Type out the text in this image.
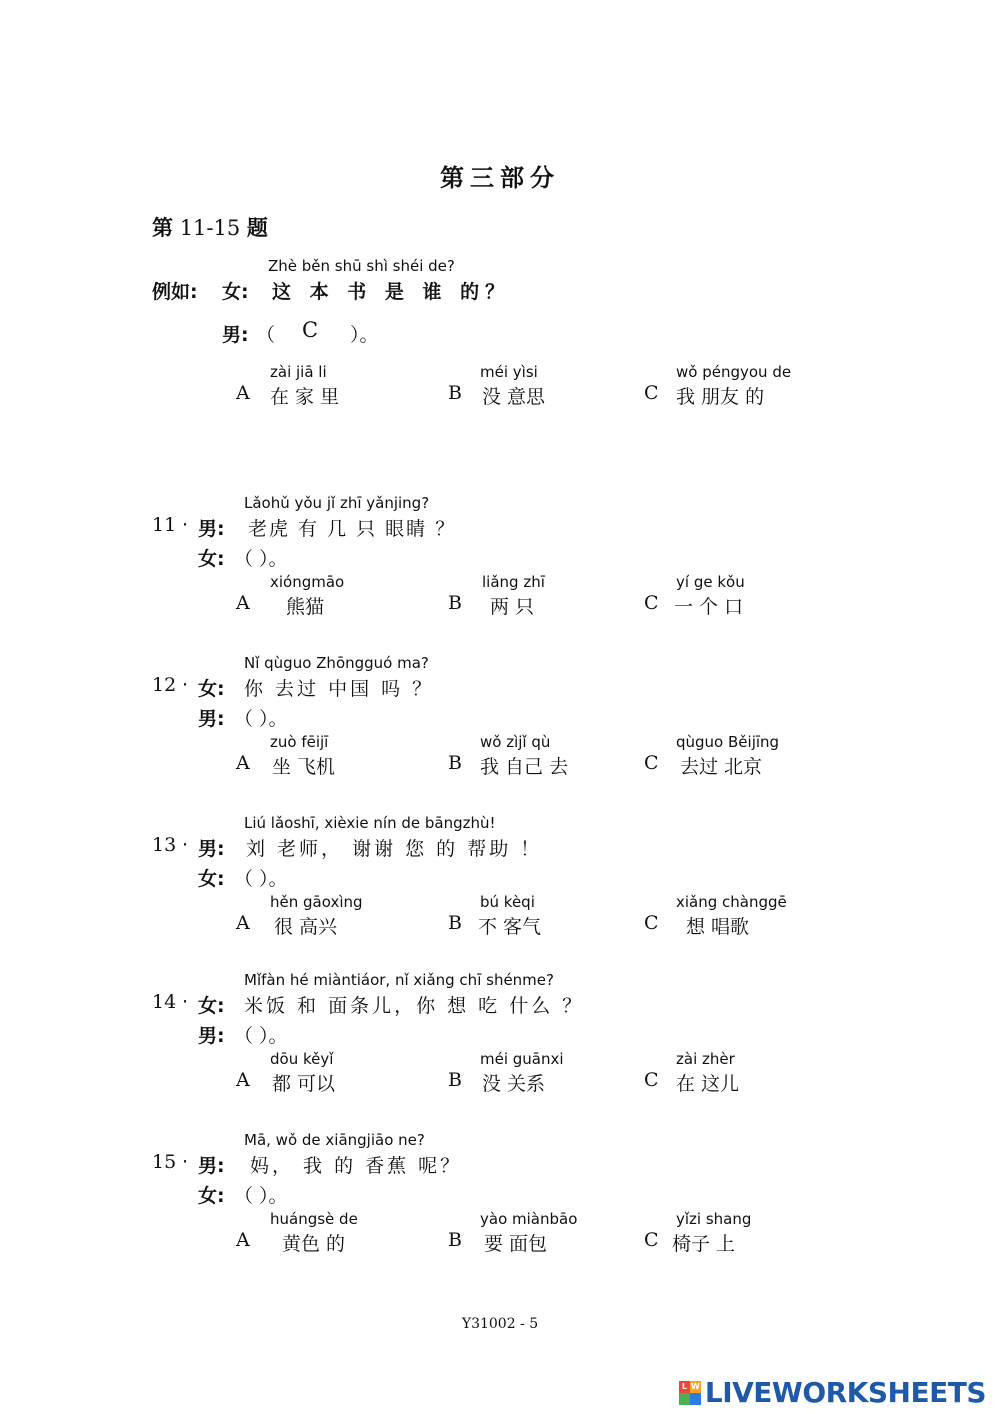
第三部分
第 11-15 题
Zhè běn shū shì shéi de?
例如: 女: 这 本 书 是 谁 的？
男: （ C ）。
zài jiā li
A 在 家 里
méi yìsi
B 没 意思
wǒ péngyou de
C 我 朋友 的
Lǎohǔ yǒu jǐ zhī yǎnjing?
11 · 男: 老虎 有 几 只 眼睛 ？
女: （ ）。
xióngmāo
A 熊猫
liǎng zhī
B 两 只
yí ge kǒu
C 一 个 口
Nǐ qùguo Zhōngguó ma?
12 · 女: 你 去过 中国 吗 ？
男: （ ）。
zuò fēijī
A 坐 飞机
wǒ zìjǐ qù
B 我 自己 去
qùguo Běijīng
C 去过 北京
Liú lǎoshī, xièxie nín de bāngzhù!
13 · 男: 刘 老师， 谢谢 您 的 帮助 ！
女: （ ）。
hěn gāoxìng
A 很 高兴
bú kèqi
B 不 客气
xiǎng chànggē
C 想 唱歌
Mǐfàn hé miàntiáor, nǐ xiǎng chī shénme?
14 · 女: 米饭 和 面条儿，你 想 吃 什么 ？
男: （ ）。
dōu kěyǐ
A 都 可以
méi guānxi
B 没 关系
zài zhèr
C 在 这儿
Mā, wǒ de xiāngjiāo ne?
15 · 男: 妈， 我 的 香蕉 呢？
女: （ ）。
huángsè de
A 黄色 的
yào miànbāo
B 要 面包
yǐzi shang
C 椅子 上
Y31002 - 5
L W LIVEWORKSHEETS
